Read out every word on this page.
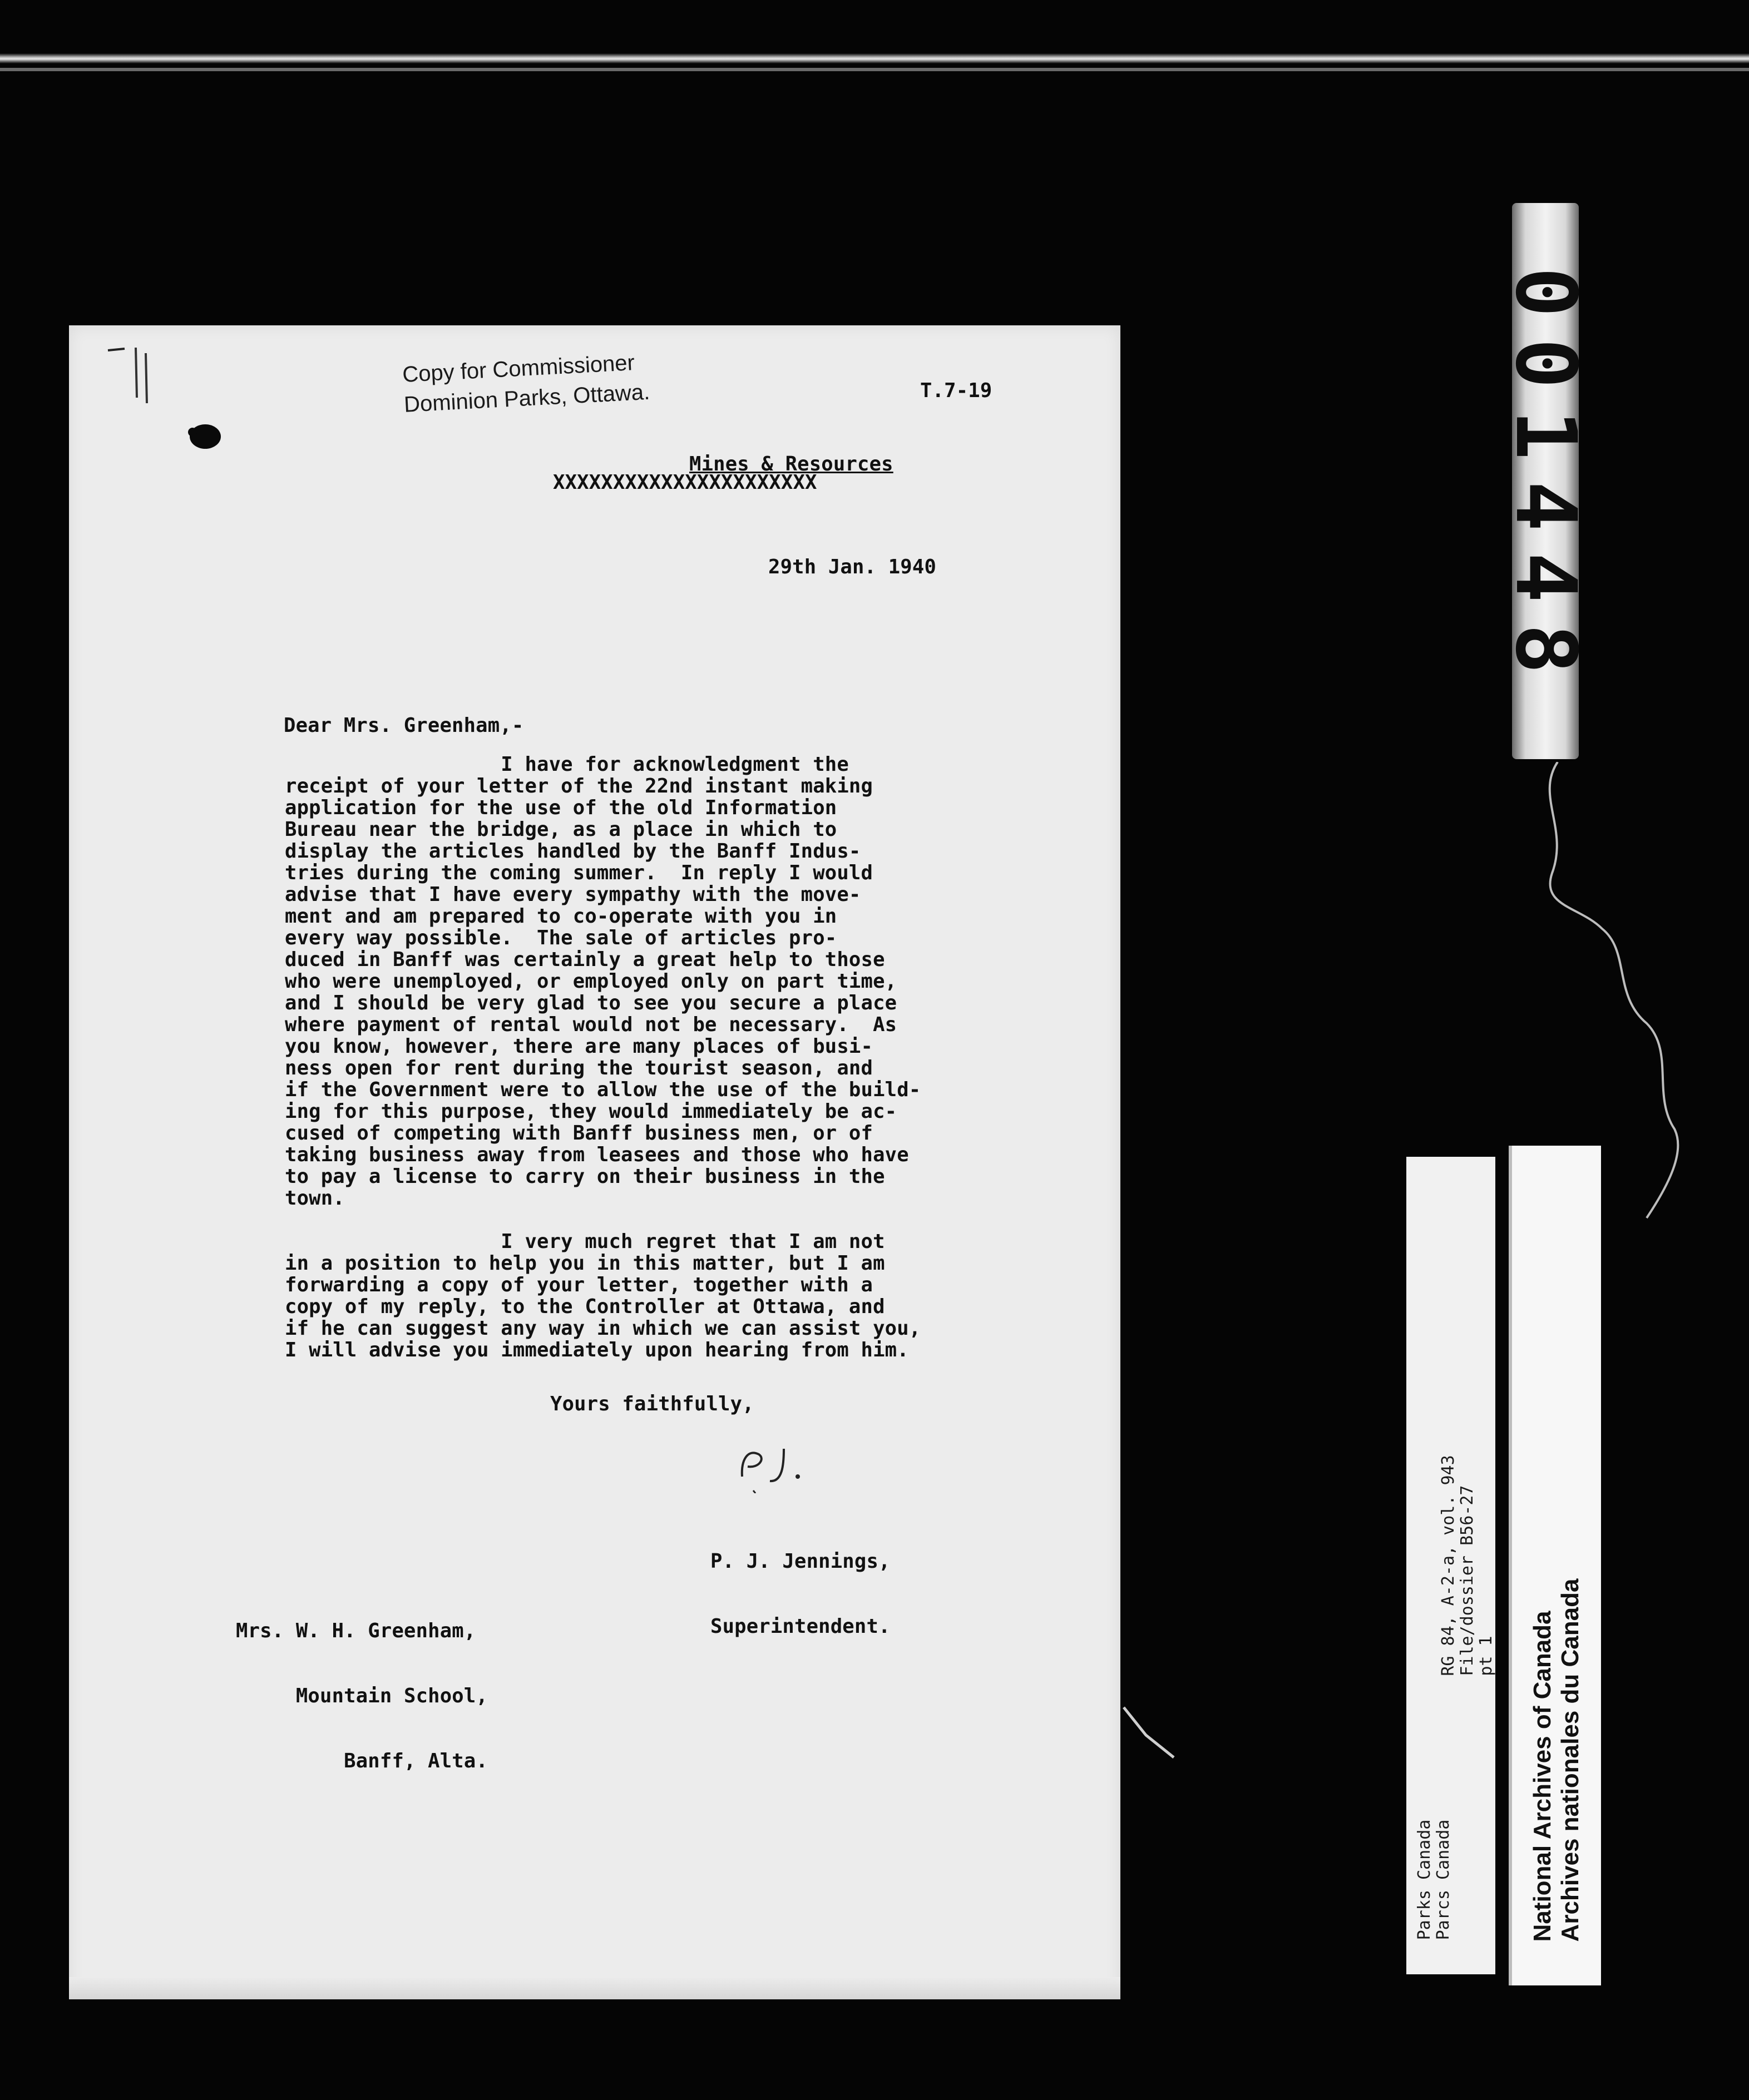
Copy for Commissioner
Dominion Parks, Ottawa.	T.7-19
Mines & Resources
XXXXXXXXXXXXXXXXXXXXXX
29th Jan. 1940
Dear Mrs. Greenham,-
I have for acknowledgment the
receipt of your letter of the 22nd instant making
application for the use of the old Information
Bureau near the bridge, as a place in which to
display the articles handled by the Banff Indus-
tries during the coming summer.  In reply I would
advise that I have every sympathy with the move-
ment and am prepared to co-operate with you in
every way possible.  The sale of articles pro-
duced in Banff was certainly a great help to those
who were unemployed, or employed only on part time,
and I should be very glad to see you secure a place
where payment of rental would not be necessary.  As
you know, however, there are many places of busi-
ness open for rent during the tourist season, and
if the Government were to allow the use of the build-
ing for this purpose, they would immediately be ac-
cused of competing with Banff business men, or of
taking business away from leasees and those who have
to pay a license to carry on their business in the
town.
I very much regret that I am not
in a position to help you in this matter, but I am
forwarding a copy of your letter, together with a
copy of my reply, to the Controller at Ottawa, and
if he can suggest any way in which we can assist you,
I will advise you immediately upon hearing from him.
Yours faithfully,

P. J. Jennings,

Superintendent.

Mrs. W. H. Greenham,

Mountain School,

Banff, Alta.

001448
RG 84, A-2-a, vol. 943 File/dossier B56-27 pt 1
Parks Canada Parcs Canada	National Archives of Canada Archives nationales du Canada
